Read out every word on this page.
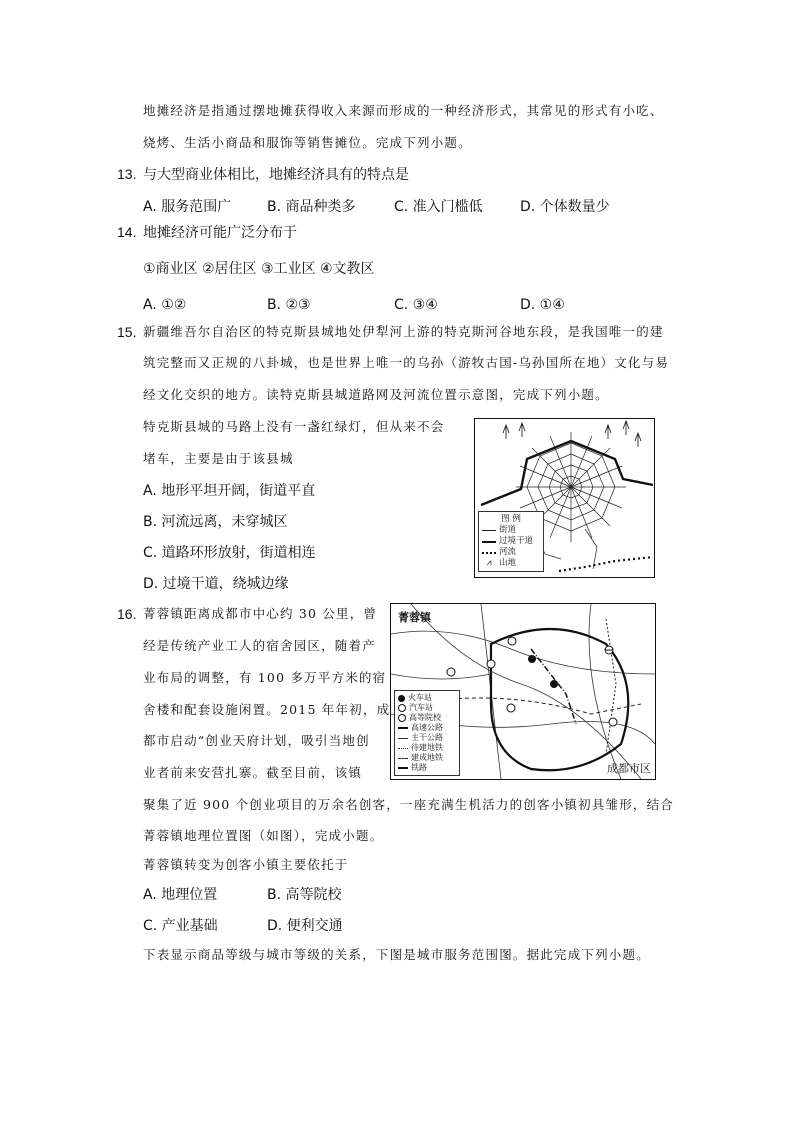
地摊经济是指通过摆地摊获得收入来源而形成的一种经济形式，其常见的形式有小吃、
烧烤、生活小商品和服饰等销售摊位。完成下列小题。
13. 与大型商业体相比，地摊经济具有的特点是
A. 服务范围广	B. 商品种类多	C. 准入门槛低	D. 个体数量少
14. 地摊经济可能广泛分布于
①商业区 ②居住区 ③工业区 ④文教区
A. ①②	B. ②③	C. ③④	D. ①④
15. 新疆维吾尔自治区的特克斯县城地处伊犁河上游的特克斯河谷地东段，是我国唯一的建
筑完整而又正规的八卦城，也是世界上唯一的乌孙（游牧古国-乌孙国所在地）文化与易
经文化交织的地方。读特克斯县城道路网及河流位置示意图，完成下列小题。
特克斯县城的马路上没有一盏红绿灯，但从来不会
堵车，主要是由于该县城
A. 地形平坦开阔，街道平直
B. 河流远离，未穿城区
C. 道路环形放射，街道相连
D. 过境干道，绕城边缘
图 例
街道
过境干道
河流
⩘ 山地
16. 菁蓉镇距离成都市中心约 30 公里，曾
经是传统产业工人的宿舍园区，随着产
业布局的调整，有 100 多万平方米的宿
舍楼和配套设施闲置。2015 年年初，成
都市启动“创业天府计划，吸引当地创
业者前来安营扎寨。截至目前，该镇
聚集了近 900 个创业项目的万余名创客，一座充满生机活力的创客小镇初具雏形，结合
菁蓉镇地理位置图（如图），完成小题。
菁蓉镇转变为创客小镇主要依托于
A. 地理位置	B. 高等院校
C. 产业基础	D. 便利交通
菁蓉镇
成都市区
火车站
汽车站
高等院校
高速公路
主干公路
待建地铁
建成地铁
铁路
下表显示商品等级与城市等级的关系，下图是城市服务范围图。据此完成下列小题。
